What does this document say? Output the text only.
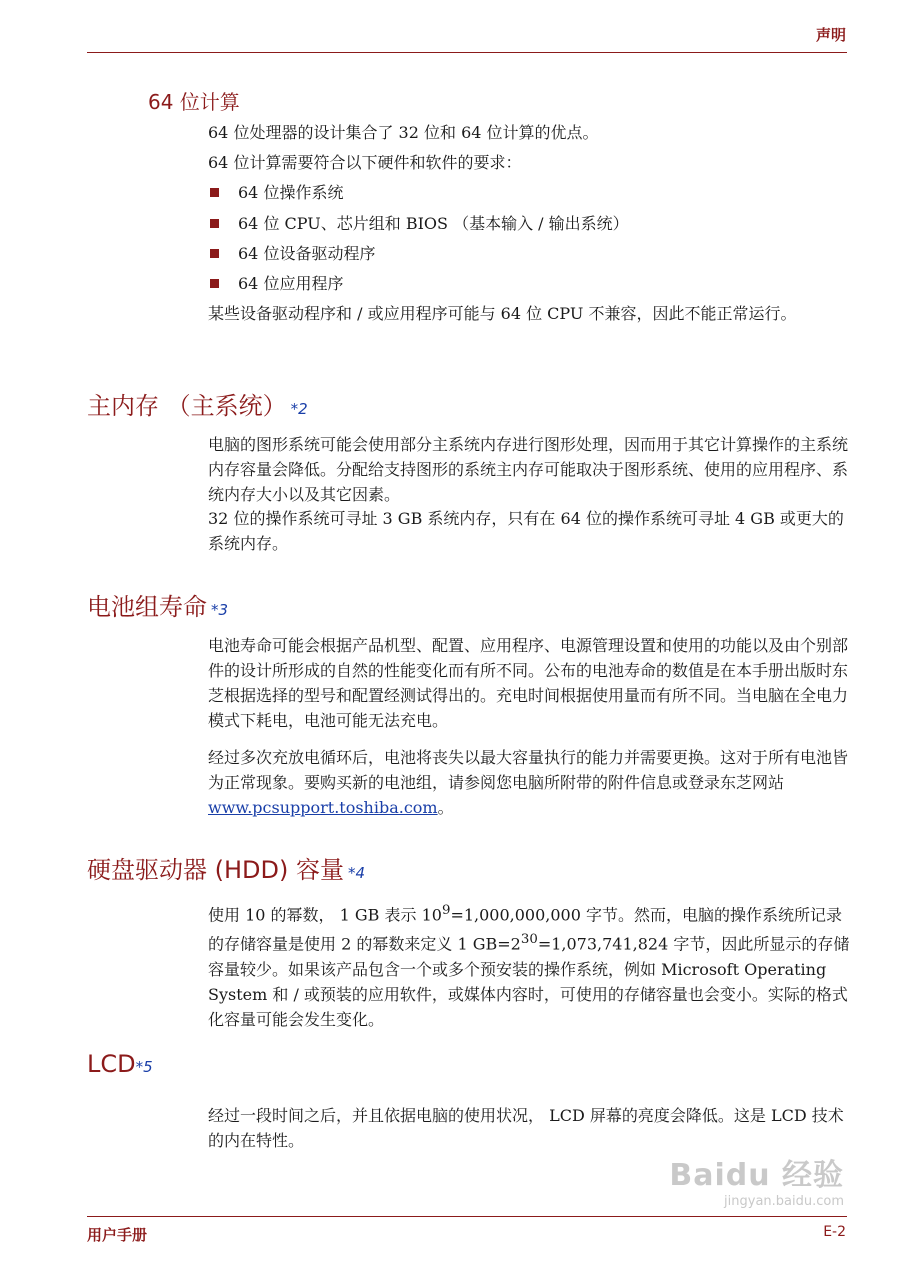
声明
64 位计算

64 位处理器的设计集合了 32 位和 64 位计算的优点。

64 位计算需要符合以下硬件和软件的要求：

64 位操作系统
64 位 CPU、芯片组和 BIOS （基本输入 / 输出系统）
64 位设备驱动程序
64 位应用程序

某些设备驱动程序和 / 或应用程序可能与 64 位 CPU 不兼容，因此不能正常运行。

主内存 （主系统） *2

电脑的图形系统可能会使用部分主系统内存进行图形处理，因而用于其它计算操作的主系统内存容量会降低。分配给支持图形的系统主内存可能取决于图形系统、使用的应用程序、系统内存大小以及其它因素。

32 位的操作系统可寻址 3 GB 系统内存，只有在 64 位的操作系统可寻址 4 GB 或更大的系统内存。

电池组寿命 *3

电池寿命可能会根据产品机型、配置、应用程序、电源管理设置和使用的功能以及由个别部件的设计所形成的自然的性能变化而有所不同。公布的电池寿命的数值是在本手册出版时东芝根据选择的型号和配置经测试得出的。充电时间根据使用量而有所不同。当电脑在全电力模式下耗电，电池可能无法充电。

经过多次充放电循环后，电池将丧失以最大容量执行的能力并需要更换。这对于所有电池皆为正常现象。要购买新的电池组，请参阅您电脑所附带的附件信息或登录东芝网站 www.pcsupport.toshiba.com。

硬盘驱动器 (HDD) 容量 *4

使用 10 的幂数， 1 GB 表示 $10^9=1,000,000,000$ 字节。然而，电脑的操作系统所记录的存储容量是使用 2 的幂数来定义 1 $GB=2^{30}=1,073,741,824$ 字节，因此所显示的存储容量较少。如果该产品包含一个或多个预安装的操作系统，例如 Microsoft Operating System 和 / 或预装的应用软件，或媒体内容时，可使用的存储容量也会变小。实际的格式化容量可能会发生变化。

LCD*5

经过一段时间之后，并且依据电脑的使用状况， LCD 屏幕的亮度会降低。这是 LCD 技术的内在特性。

Baidu 经验
jingyan.baidu.com
用户手册	E-2
